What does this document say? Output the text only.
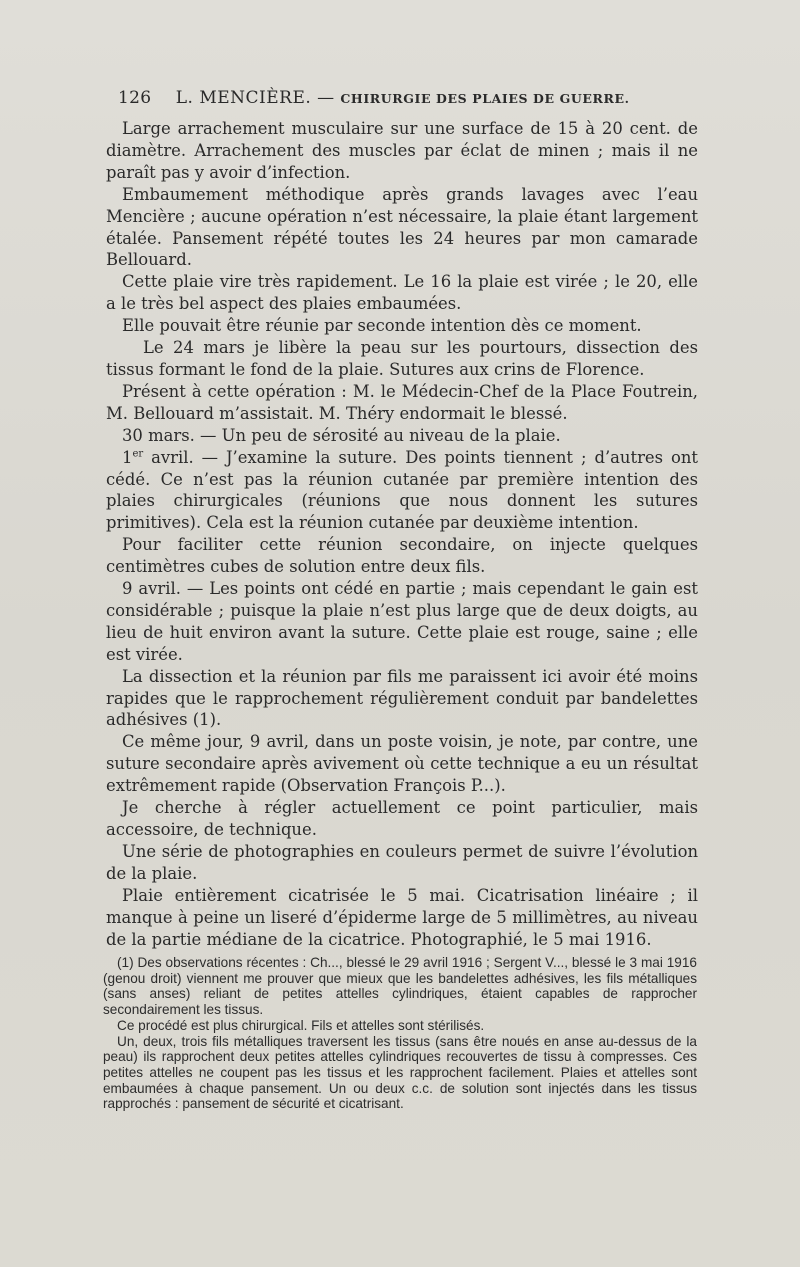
126 L. MENCIÈRE. — CHIRURGIE DES PLAIES DE GUERRE.

Large arrachement musculaire sur une surface de 15 à 20 cent. de diamètre. Arrachement des muscles par éclat de minen ; mais il ne paraît pas y avoir d’infection.

Embaumement méthodique après grands lavages avec l’eau Mencière ; aucune opération n’est nécessaire, la plaie étant largement étalée. Pansement répété toutes les 24 heures par mon camarade Bellouard.

Cette plaie vire très rapidement. Le 16 la plaie est virée ; le 20, elle a le très bel aspect des plaies embaumées.

Elle pouvait être réunie par seconde intention dès ce moment.

Le 24 mars je libère la peau sur les pourtours, dissection des tissus formant le fond de la plaie. Sutures aux crins de Florence.

Présent à cette opération : M. le Médecin-Chef de la Place Foutrein, M. Bellouard m’assistait. M. Théry endormait le blessé.

30 mars. — Un peu de sérosité au niveau de la plaie.

1er avril. — J’examine la suture. Des points tiennent ; d’autres ont cédé. Ce n’est pas la réunion cutanée par première intention des plaies chirurgicales (réunions que nous donnent les sutures primitives). Cela est la réunion cutanée par deuxième intention.

Pour faciliter cette réunion secondaire, on injecte quelques centimètres cubes de solution entre deux fils.

9 avril. — Les points ont cédé en partie ; mais cependant le gain est considérable ; puisque la plaie n’est plus large que de deux doigts, au lieu de huit environ avant la suture. Cette plaie est rouge, saine ; elle est virée.

La dissection et la réunion par fils me paraissent ici avoir été moins rapides que le rapprochement régulièrement conduit par bandelettes adhésives (1).

Ce même jour, 9 avril, dans un poste voisin, je note, par contre, une suture secondaire après avivement où cette technique a eu un résultat extrêmement rapide (Observation François P...).

Je cherche à régler actuellement ce point particulier, mais accessoire, de technique.

Une série de photographies en couleurs permet de suivre l’évolution de la plaie.

Plaie entièrement cicatrisée le 5 mai. Cicatrisation linéaire ; il manque à peine un liseré d’épiderme large de 5 millimètres, au niveau de la partie médiane de la cicatrice. Photographié, le 5 mai 1916.

(1) Des observations récentes : Ch..., blessé le 29 avril 1916 ; Sergent V..., blessé le 3 mai 1916 (genou droit) viennent me prouver que mieux que les bandelettes adhésives, les fils métalliques (sans anses) reliant de petites attelles cylindriques, étaient capables de rapprocher secondairement les tissus.

Ce procédé est plus chirurgical. Fils et attelles sont stérilisés.

Un, deux, trois fils métalliques traversent les tissus (sans être noués en anse au-dessus de la peau) ils rapprochent deux petites attelles cylindriques recouvertes de tissu à compresses. Ces petites attelles ne coupent pas les tissus et les rapprochent facilement. Plaies et attelles sont embaumées à chaque pansement. Un ou deux c.c. de solution sont injectés dans les tissus rapprochés : pansement de sécurité et cicatrisant.
